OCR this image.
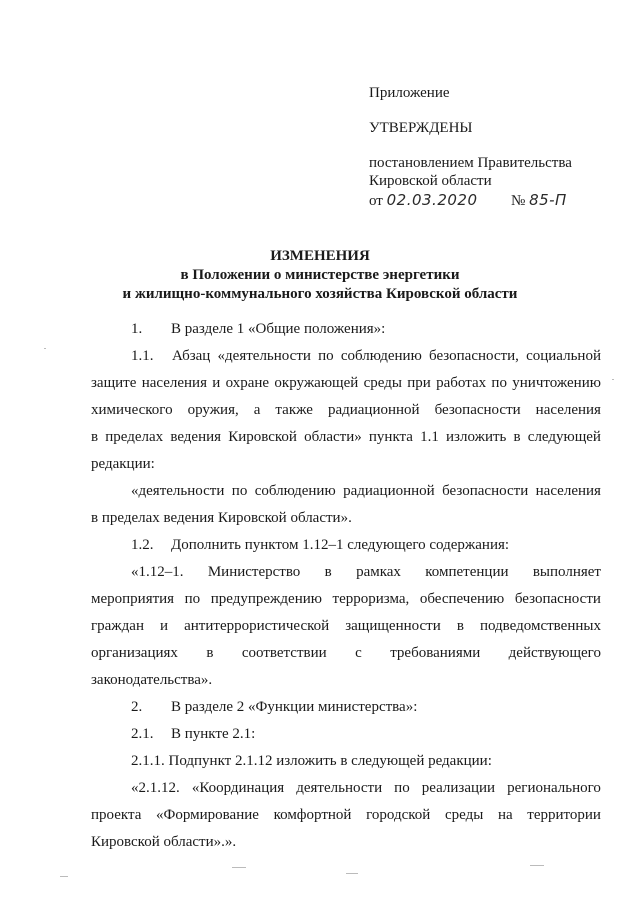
Приложение
УТВЕРЖДЕНЫ
постановлением Правительства
Кировской области
от 02.03.2020 № 85-П
ИЗМЕНЕНИЯ
в Положении о министерстве энергетики
и жилищно-коммунального хозяйства Кировской области
1. В разделе 1 «Общие положения»:
1.1. Абзац «деятельности по соблюдению безопасности, социальной
защите населения и охране окружающей среды при работах по уничтожению
химического оружия, а также радиационной безопасности населения
в пределах ведения Кировской области» пункта 1.1 изложить в следующей
редакции:
«деятельности по соблюдению радиационной безопасности населения
в пределах ведения Кировской области».
1.2. Дополнить пунктом 1.12–1 следующего содержания:
«1.12–1. Министерство в рамках компетенции выполняет
мероприятия по предупреждению терроризма, обеспечению безопасности
граждан и антитеррористической защищенности в подведомственных
организациях в соответствии с требованиями действующего
законодательства».
2. В разделе 2 «Функции министерства»:
2.1. В пункте 2.1:
2.1.1. Подпункт 2.1.12 изложить в следующей редакции:
«2.1.12. «Координация деятельности по реализации регионального
проекта «Формирование комфортной городской среды на территории
Кировской области».».
